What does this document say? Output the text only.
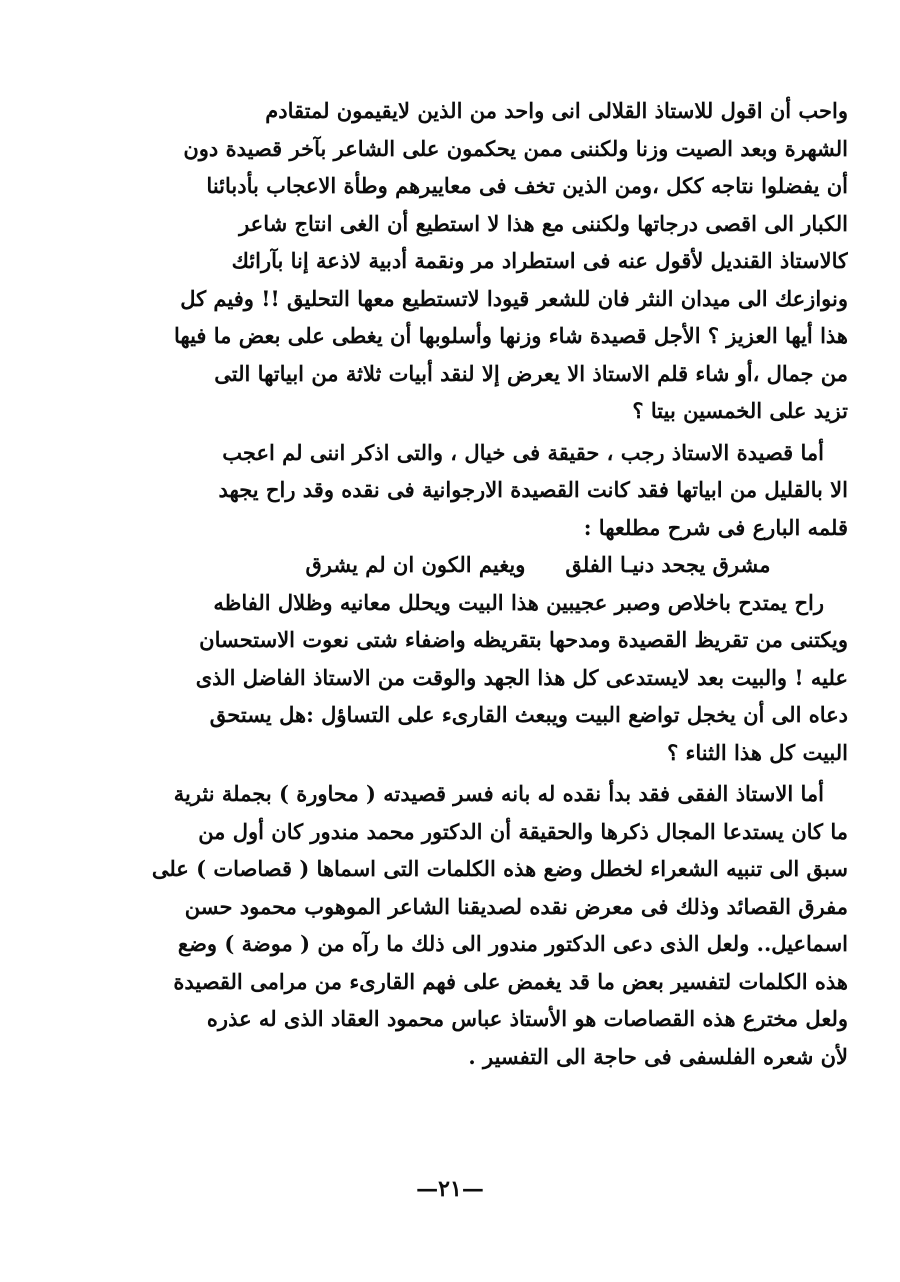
واحب أن اقول للاستاذ القلالى انى واحد من الذين لايقيمون لمتقادم
الشهرة وبعد الصيت وزنا ولكننى ممن يحكمون على الشاعر بآخر قصيدة دون
أن يفضلوا نتاجه ككل ،ومن الذين تخف فى معاييرهم وطأة الاعجاب بأدبائنا
الكبار الى اقصى درجاتها ولكننى مع هذا لا استطيع أن الغى انتاج شاعر
كالاستاذ القنديل لأقول عنه فى استطراد مر ونقمة أدبية لاذعة إنا بآرائك
ونوازعك الى ميدان النثر فان للشعر قيودا لاتستطيع معها التحليق !! وفيم كل
هذا أيها العزيز ؟ الأجل قصيدة شاء وزنها وأسلوبها أن يغطى على بعض ما فيها
من جمال ،أو شاء قلم الاستاذ الا يعرض إلا لنقد أبيات ثلاثة من ابياتها التى
تزيد على الخمسين بيتا ؟
أما قصيدة الاستاذ رجب ، حقيقة فى خيال ، والتى اذكر اننى لم اعجب
الا بالقليل من ابياتها فقد كانت القصيدة الارجوانية فى نقده وقد راح يجهد
قلمه البارع فى شرح مطلعها :
مشرق يجحد دنيـا الفلق
ويغيم الكون ان لم يشرق
راح يمتدح باخلاص وصبر عجيبين هذا البيت ويحلل معانيه وظلال الفاظه
ويكتنى من تقريظ القصيدة ومدحها بتقريظه واضفاء شتى نعوت الاستحسان
عليه ! والبيت بعد لايستدعى كل هذا الجهد والوقت من الاستاذ الفاضل الذى
دعاه الى أن يخجل تواضع البيت ويبعث القارىء على التساؤل :هل يستحق
البيت كل هذا الثناء ؟
أما الاستاذ الفقى فقد بدأ نقده له بانه فسر قصيدته ( محاورة ) بجملة نثرية
ما كان يستدعا المجال ذكرها والحقيقة أن الدكتور محمد مندور كان أول من
سبق الى تنبيه الشعراء لخطل وضع هذه الكلمات التى اسماها ( قصاصات ) على
مفرق القصائد وذلك فى معرض نقده لصديقنا الشاعر الموهوب محمود حسن
اسماعيل.. ولعل الذى دعى الدكتور مندور الى ذلك ما رآه من ( موضة ) وضع
هذه الكلمات لتفسير بعض ما قد يغمض على فهم القارىء من مرامى القصيدة
ولعل مخترع هذه القصاصات هو الأستاذ عباس محمود العقاد الذى له عذره
لأن شعره الفلسفى فى حاجة الى التفسير .
—٢١—
